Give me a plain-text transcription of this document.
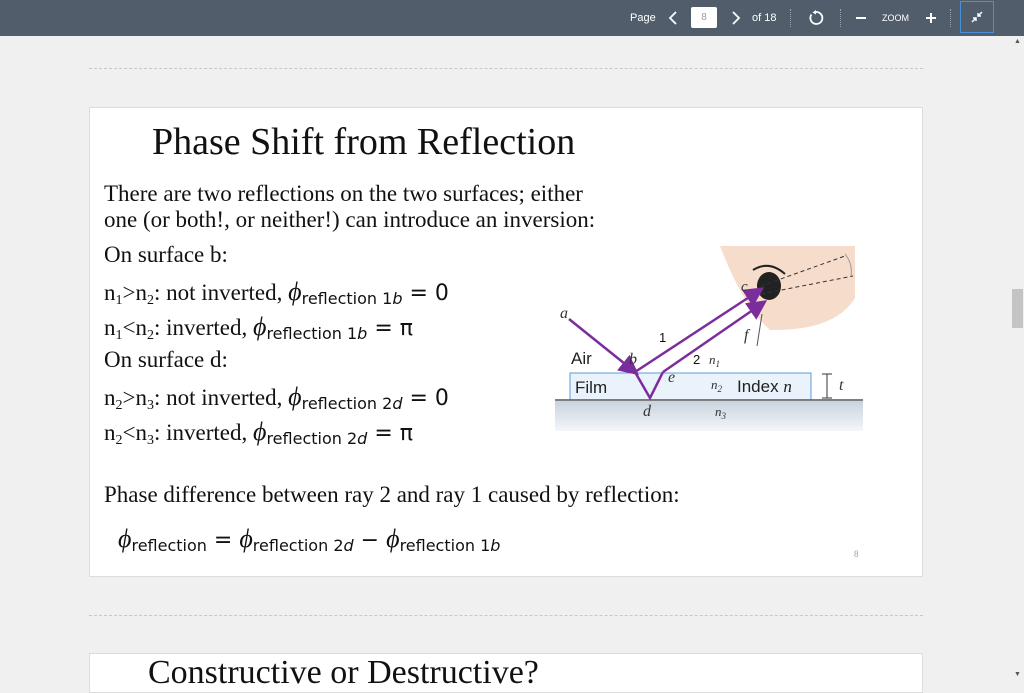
Page
8	of 18	ZOOM
▲
▼
Phase Shift from Reflection
There are two reflections on the two surfaces; either
one (or both!, or neither!) can introduce an inversion:
On surface b:
$n_1>n_2$: not inverted, ϕreflection 1b = 0
$n_1<n_2$: inverted, ϕreflection 1b = π
On surface d:
$n_2>n_3$: not inverted, ϕreflection 2d = 0
$n_2<n_3$: inverted, ϕreflection 2d = π
Phase difference between ray 2 and ray 1 caused by reflection:
ϕreflection = ϕreflection 2d − ϕreflection 1b
a
b
c
d
e
f
1
2
Air
Film
$n_1$
$n_2$
$n_3$
Index n	t
8
Constructive or Destructive?
